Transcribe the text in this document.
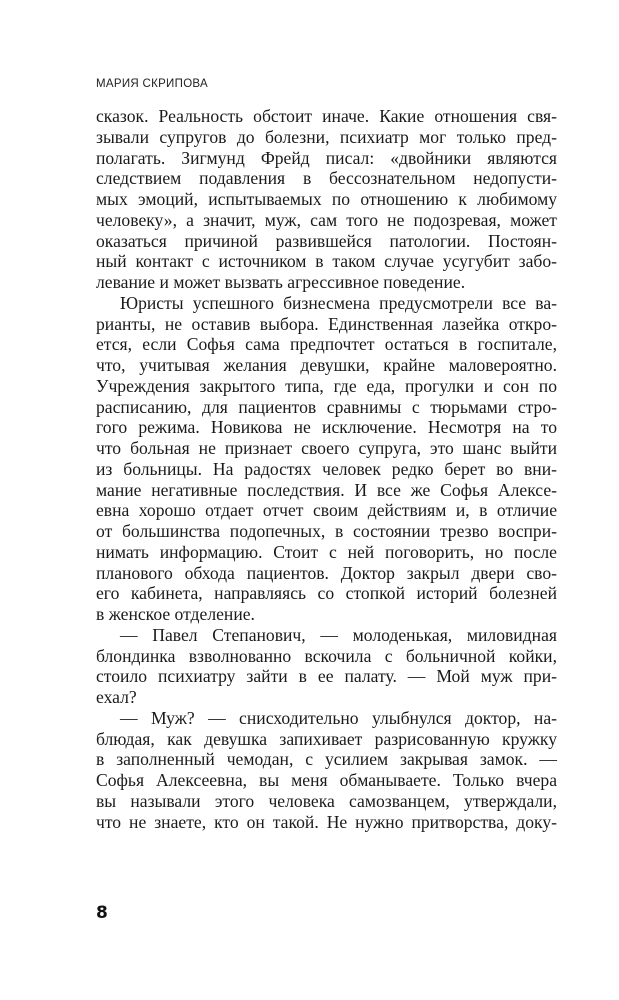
МАРИЯ СКРИПОВА
сказок. Реальность обстоит иначе. Какие отношения свя-
зывали супругов до болезни, психиатр мог только пред-
полагать. Зигмунд Фрейд писал: «двойники являются
следствием подавления в бессознательном недопусти-
мых эмоций, испытываемых по отношению к любимому
человеку», а значит, муж, сам того не подозревая, может
оказаться причиной развившейся патологии. Постоян-
ный контакт с источником в таком случае усугубит забо-
левание и может вызвать агрессивное поведение.
Юристы успешного бизнесмена предусмотрели все ва-
рианты, не оставив выбора. Единственная лазейка откро-
ется, если Софья сама предпочтет остаться в госпитале,
что, учитывая желания девушки, крайне маловероятно.
Учреждения закрытого типа, где еда, прогулки и сон по
расписанию, для пациентов сравнимы с тюрьмами стро-
гого режима. Новикова не исключение. Несмотря на то
что больная не признает своего супруга, это шанс выйти
из больницы. На радостях человек редко берет во вни-
мание негативные последствия. И все же Софья Алексе-
евна хорошо отдает отчет своим действиям и, в отличие
от большинства подопечных, в состоянии трезво воспри-
нимать информацию. Стоит с ней поговорить, но после
планового обхода пациентов. Доктор закрыл двери сво-
его кабинета, направляясь со стопкой историй болезней
в женское отделение.
— Павел Степанович, — молоденькая, миловидная
блондинка взволнованно вскочила с больничной койки,
стоило психиатру зайти в ее палату. — Мой муж при-
ехал?
— Муж? — снисходительно улыбнулся доктор, на-
блюдая, как девушка запихивает разрисованную кружку
в заполненный чемодан, с усилием закрывая замок. —
Софья Алексеевна, вы меня обманываете. Только вчера
вы называли этого человека самозванцем, утверждали,
что не знаете, кто он такой. Не нужно притворства, доку-
8
